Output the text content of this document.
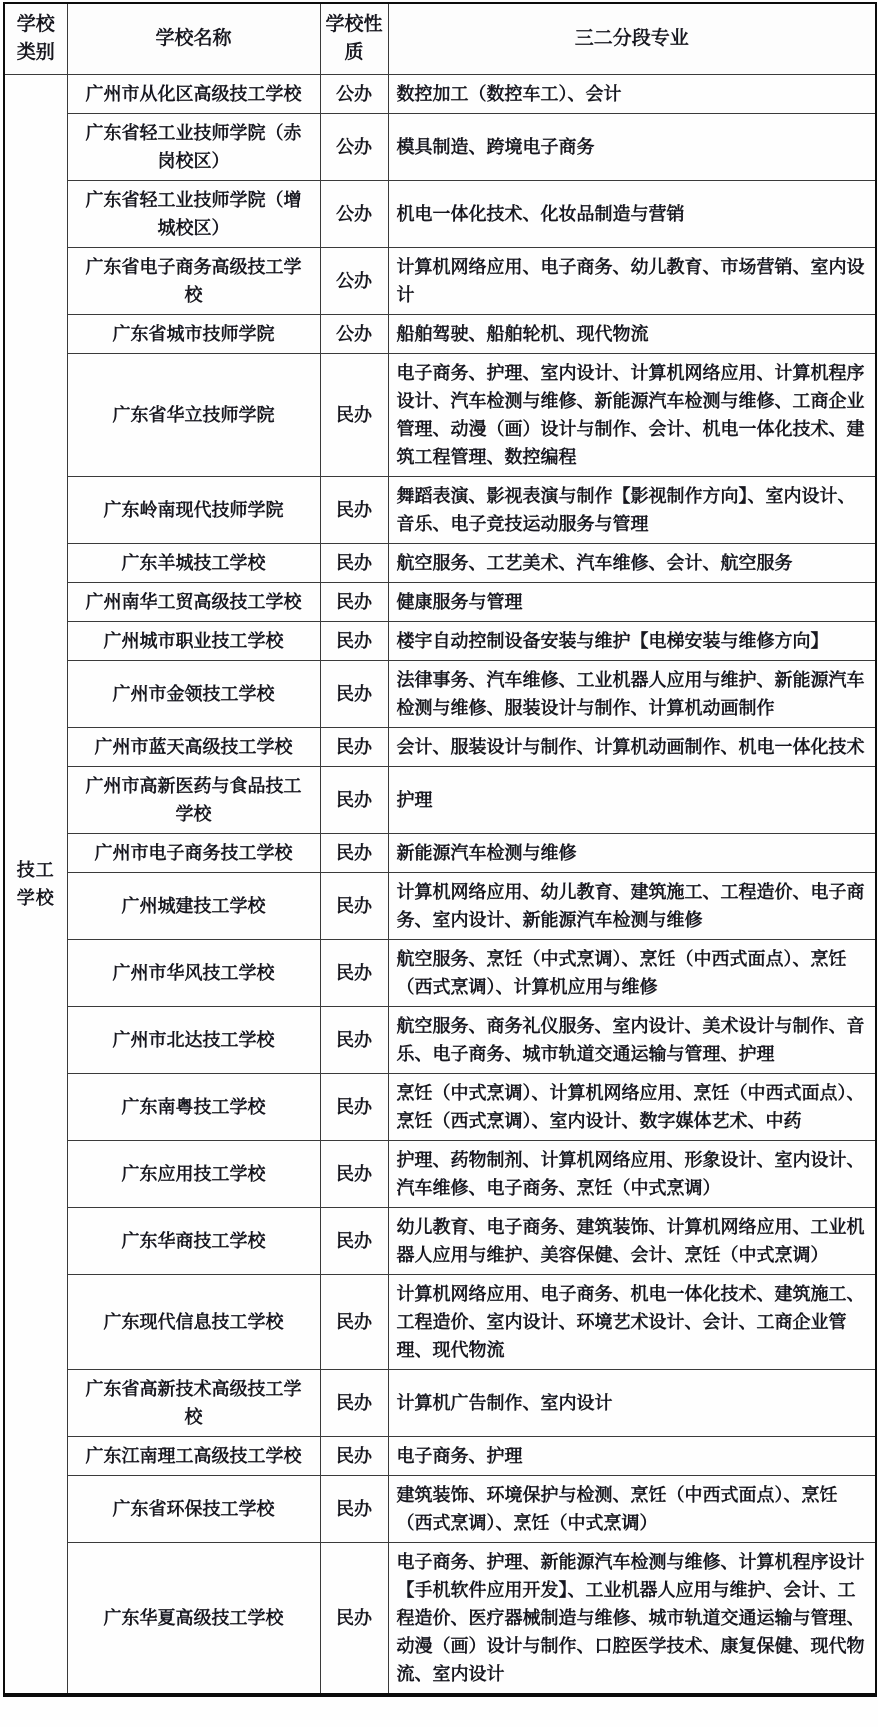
学校类别	学校名称	学校性质	三二分段专业
技工学校	广州市从化区高级技工学校	公办	数控加工（数控车工）、会计
	广东省轻工业技师学院（赤岗校区）	公办	模具制造、跨境电子商务
	广东省轻工业技师学院（增城校区）	公办	机电一体化技术、化妆品制造与营销
	广东省电子商务高级技工学校	公办	计算机网络应用、电子商务、幼儿教育、市场营销、室内设计
	广东省城市技师学院	公办	船舶驾驶、船舶轮机、现代物流
	广东省华立技师学院	民办	电子商务、护理、室内设计、计算机网络应用、计算机程序设计、汽车检测与维修、新能源汽车检测与维修、工商企业管理、动漫（画）设计与制作、会计、机电一体化技术、建筑工程管理、数控编程
	广东岭南现代技师学院	民办	舞蹈表演、影视表演与制作【影视制作方向】、室内设计、音乐、电子竞技运动服务与管理
	广东羊城技工学校	民办	航空服务、工艺美术、汽车维修、会计、航空服务
	广州南华工贸高级技工学校	民办	健康服务与管理
	广州城市职业技工学校	民办	楼宇自动控制设备安装与维护【电梯安装与维修方向】
	广州市金领技工学校	民办	法律事务、汽车维修、工业机器人应用与维护、新能源汽车检测与维修、服装设计与制作、计算机动画制作
	广州市蓝天高级技工学校	民办	会计、服装设计与制作、计算机动画制作、机电一体化技术
	广州市高新医药与食品技工学校	民办	护理
	广州市电子商务技工学校	民办	新能源汽车检测与维修
	广州城建技工学校	民办	计算机网络应用、幼儿教育、建筑施工、工程造价、电子商务、室内设计、新能源汽车检测与维修
	广州市华风技工学校	民办	航空服务、烹饪（中式烹调）、烹饪（中西式面点）、烹饪（西式烹调）、计算机应用与维修
	广州市北达技工学校	民办	航空服务、商务礼仪服务、室内设计、美术设计与制作、音乐、电子商务、城市轨道交通运输与管理、护理
	广东南粤技工学校	民办	烹饪（中式烹调）、计算机网络应用、烹饪（中西式面点）、烹饪（西式烹调）、室内设计、数字媒体艺术、中药
	广东应用技工学校	民办	护理、药物制剂、计算机网络应用、形象设计、室内设计、汽车维修、电子商务、烹饪（中式烹调）
	广东华商技工学校	民办	幼儿教育、电子商务、建筑装饰、计算机网络应用、工业机器人应用与维护、美容保健、会计、烹饪（中式烹调）
	广东现代信息技工学校	民办	计算机网络应用、电子商务、机电一体化技术、建筑施工、工程造价、室内设计、环境艺术设计、会计、工商企业管理、现代物流
	广东省高新技术高级技工学校	民办	计算机广告制作、室内设计
	广东江南理工高级技工学校	民办	电子商务、护理
	广东省环保技工学校	民办	建筑装饰、环境保护与检测、烹饪（中西式面点）、烹饪（西式烹调）、烹饪（中式烹调）
	广东华夏高级技工学校	民办	电子商务、护理、新能源汽车检测与维修、计算机程序设计【手机软件应用开发】、工业机器人应用与维护、会计、工程造价、医疗器械制造与维修、城市轨道交通运输与管理、动漫（画）设计与制作、口腔医学技术、康复保健、现代物流、室内设计
